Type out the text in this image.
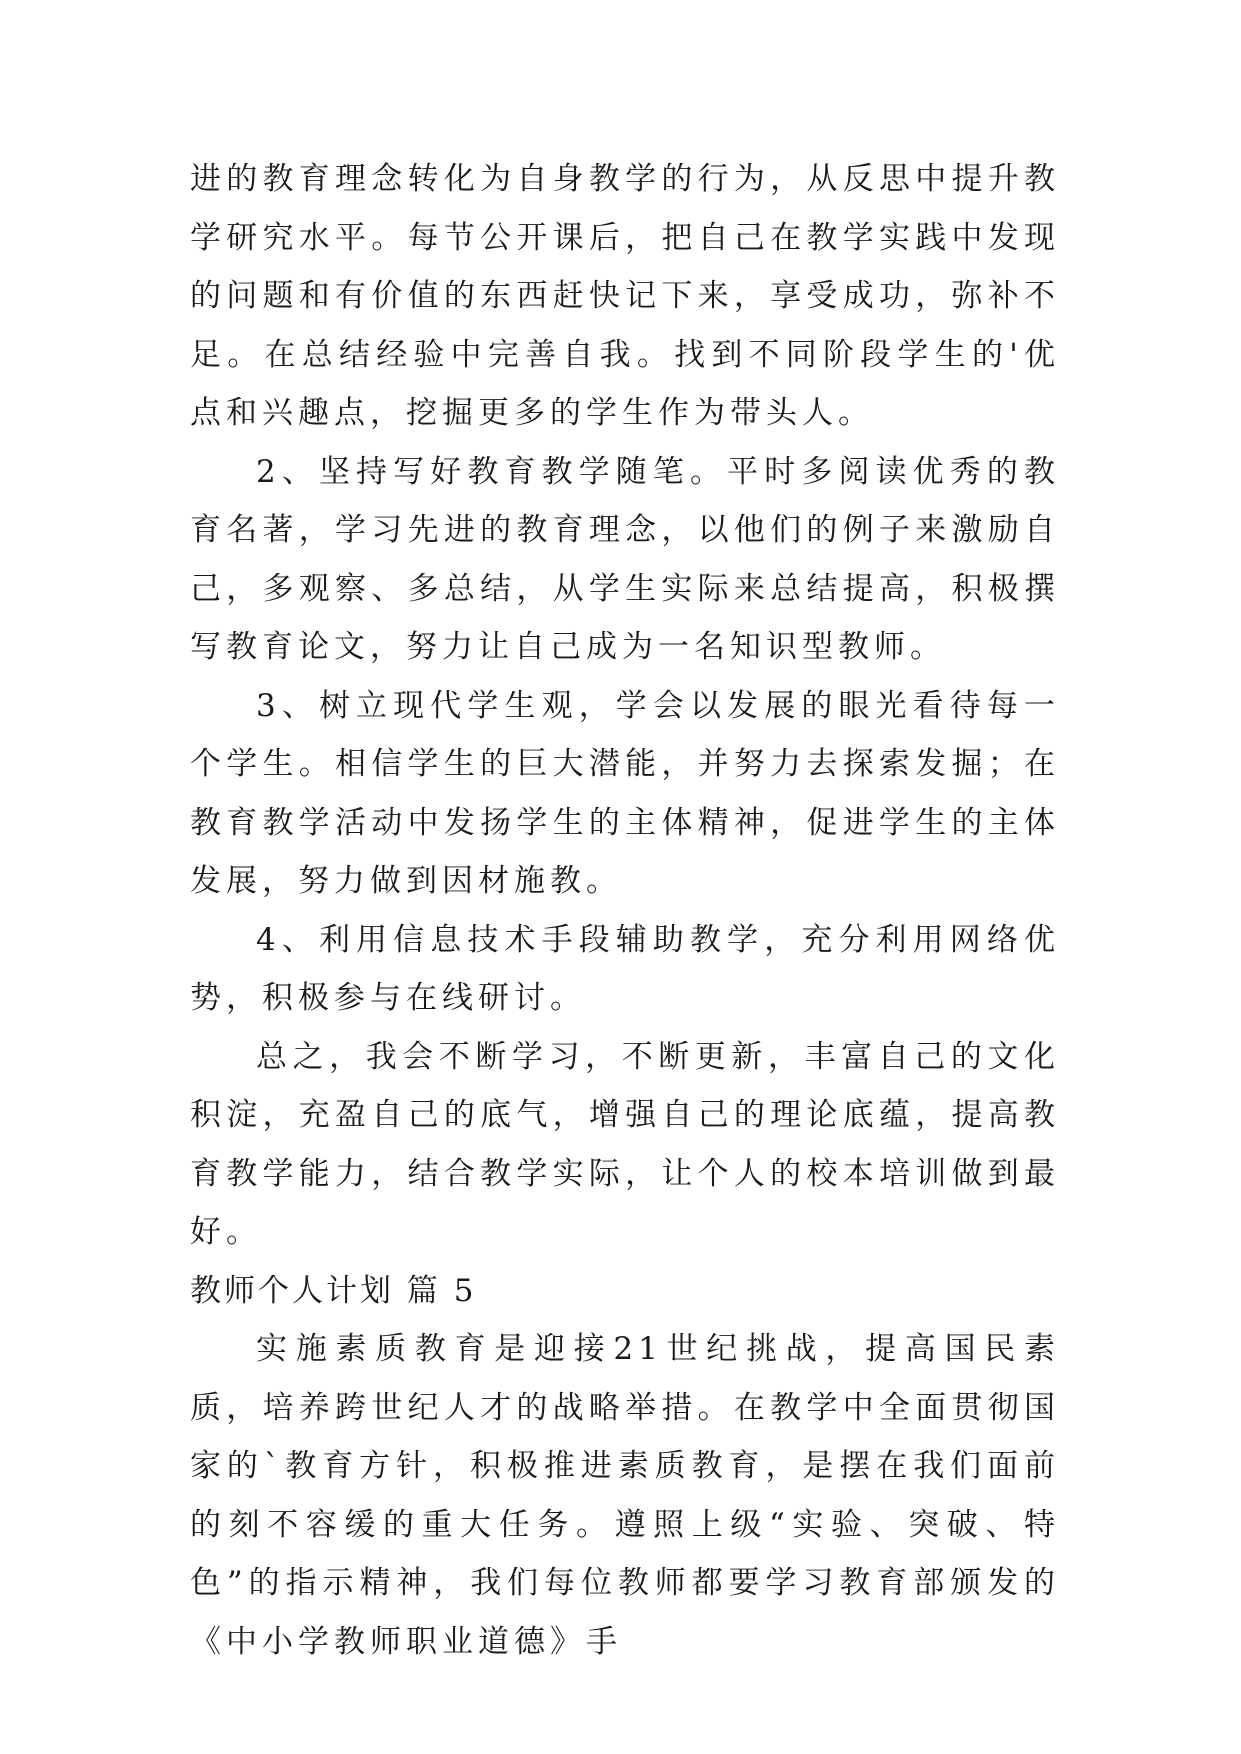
进的教育理念转化为自身教学的行为，从反思中提升教学研究水平。每节公开课后，把自己在教学实践中发现的问题和有价值的东西赶快记下来，享受成功，弥补不足。在总结经验中完善自我。找到不同阶段学生的'优点和兴趣点，挖掘更多的学生作为带头人。

2、坚持写好教育教学随笔。平时多阅读优秀的教育名著，学习先进的教育理念，以他们的例子来激励自己，多观察、多总结，从学生实际来总结提高，积极撰写教育论文，努力让自己成为一名知识型教师。

3、树立现代学生观，学会以发展的眼光看待每一个学生。相信学生的巨大潜能，并努力去探索发掘；在教育教学活动中发扬学生的主体精神，促进学生的主体发展，努力做到因材施教。

4、利用信息技术手段辅助教学，充分利用网络优势，积极参与在线研讨。

总之，我会不断学习，不断更新，丰富自己的文化积淀，充盈自己的底气，增强自己的理论底蕴，提高教育教学能力，结合教学实际，让个人的校本培训做到最好。

教师个人计划 篇 5

实施素质教育是迎接21世纪挑战，提高国民素质，培养跨世纪人才的战略举措。在教学中全面贯彻国家的`教育方针，积极推进素质教育，是摆在我们面前的刻不容缓的重大任务。遵照上级“实验、突破、特色”的指示精神，我们每位教师都要学习教育部颁发的《中小学教师职业道德》手
